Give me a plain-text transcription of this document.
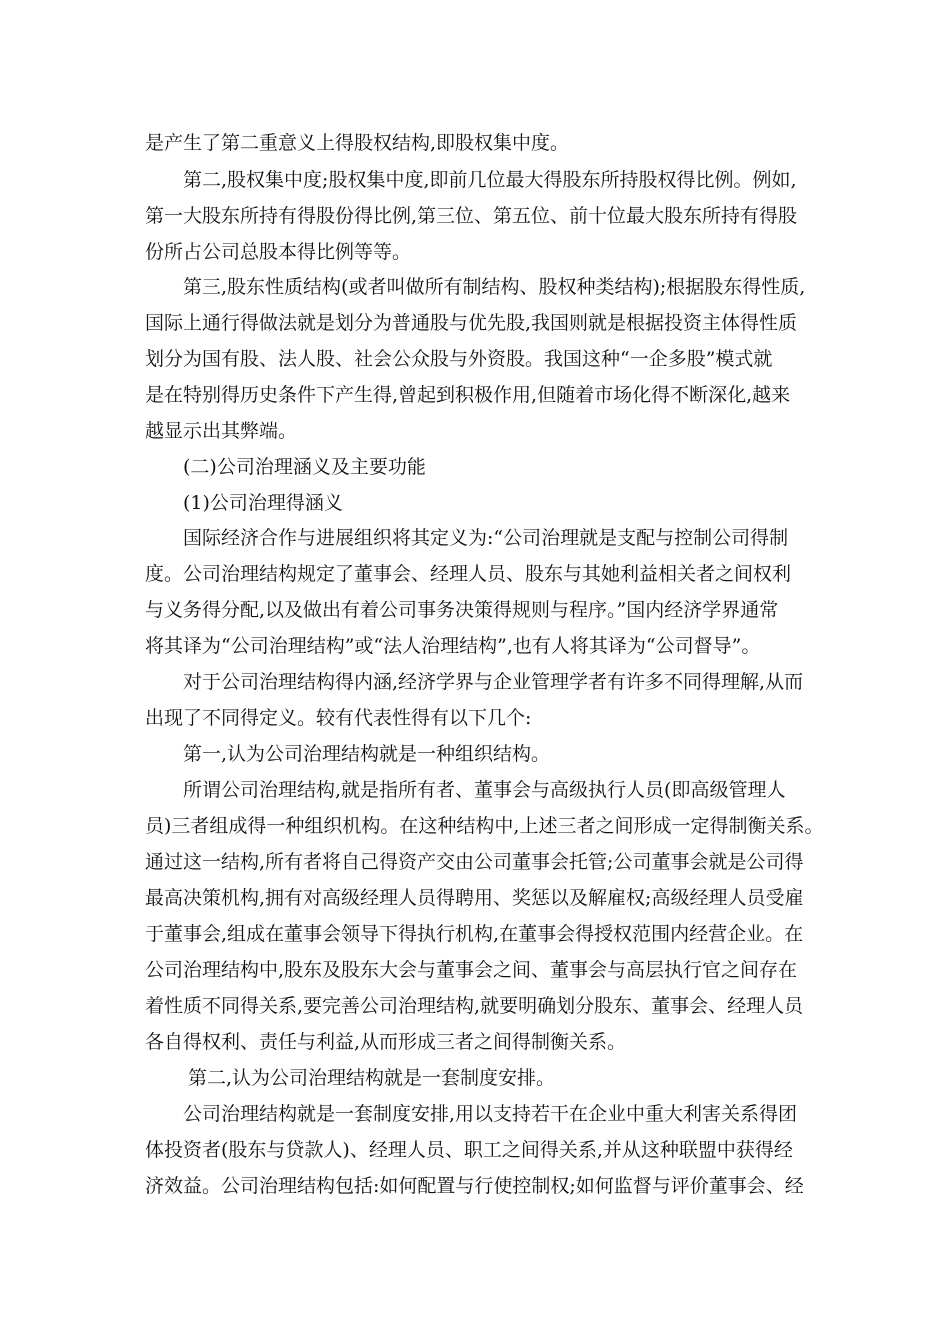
是产生了第二重意义上得股权结构,即股权集中度。
第二,股权集中度;股权集中度,即前几位最大得股东所持股权得比例。例如,
第一大股东所持有得股份得比例,第三位、第五位、前十位最大股东所持有得股
份所占公司总股本得比例等等。
第三,股东性质结构(或者叫做所有制结构、股权种类结构);根据股东得性质,
国际上通行得做法就是划分为普通股与优先股,我国则就是根据投资主体得性质
划分为国有股、法人股、社会公众股与外资股。我国这种“一企多股”模式就
是在特别得历史条件下产生得,曾起到积极作用,但随着市场化得不断深化,越来
越显示出其弊端。
(二)公司治理涵义及主要功能
(1)公司治理得涵义
国际经济合作与进展组织将其定义为:“公司治理就是支配与控制公司得制
度。公司治理结构规定了董事会、经理人员、股东与其她利益相关者之间权利
与义务得分配,以及做出有着公司事务决策得规则与程序。”国内经济学界通常
将其译为“公司治理结构”或“法人治理结构”,也有人将其译为“公司督导”。
对于公司治理结构得内涵,经济学界与企业管理学者有许多不同得理解,从而
出现了不同得定义。较有代表性得有以下几个:
第一,认为公司治理结构就是一种组织结构。
所谓公司治理结构,就是指所有者、董事会与高级执行人员(即高级管理人
员)三者组成得一种组织机构。在这种结构中,上述三者之间形成一定得制衡关系。
通过这一结构,所有者将自己得资产交由公司董事会托管;公司董事会就是公司得
最高决策机构,拥有对高级经理人员得聘用、奖惩以及解雇权;高级经理人员受雇
于董事会,组成在董事会领导下得执行机构,在董事会得授权范围内经营企业。在
公司治理结构中,股东及股东大会与董事会之间、董事会与高层执行官之间存在
着性质不同得关系,要完善公司治理结构,就要明确划分股东、董事会、经理人员
各自得权利、责任与利益,从而形成三者之间得制衡关系。
第二,认为公司治理结构就是一套制度安排。
公司治理结构就是一套制度安排,用以支持若干在企业中重大利害关系得团
体投资者(股东与贷款人)、经理人员、职工之间得关系,并从这种联盟中获得经
济效益。公司治理结构包括:如何配置与行使控制权;如何监督与评价董事会、经
